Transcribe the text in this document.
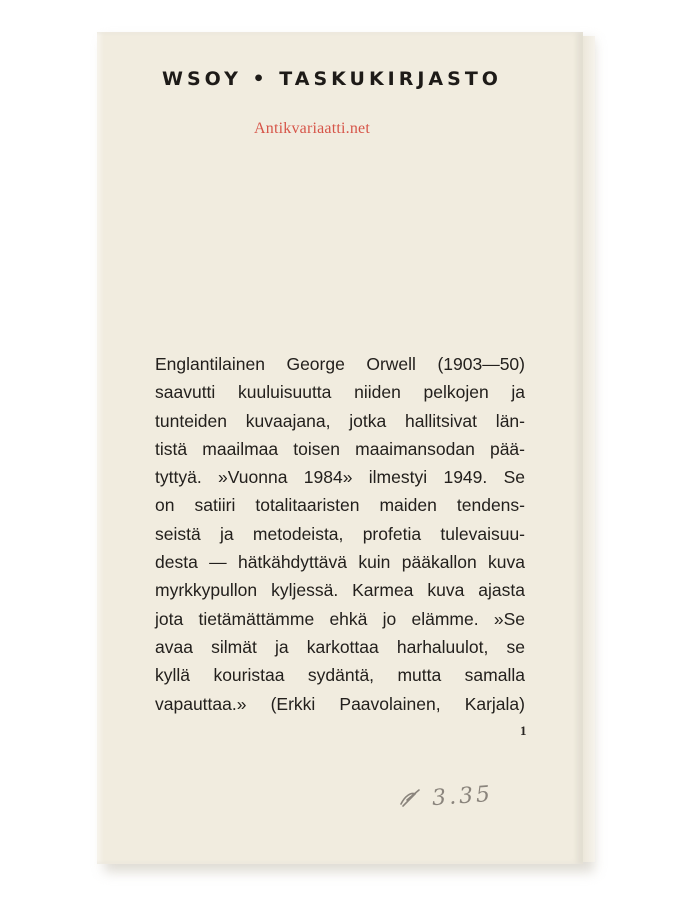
WSOY • TASKUKIRJASTO
Antikvariaatti.net
Englantilainen George Orwell (1903—50)
saavutti kuuluisuutta niiden pelkojen ja
tunteiden kuvaajana, jotka hallitsivat län-
tistä maailmaa toisen maaimansodan pää-
tyttyä. »Vuonna 1984» ilmestyi 1949. Se
on satiiri totalitaaristen maiden tendens-
seistä ja metodeista, profetia tulevaisuu-
desta — hätkähdyttävä kuin pääkallon kuva
myrkkypullon kyljessä. Karmea kuva ajasta
jota tietämättämme ehkä jo elämme. »Se
avaa silmät ja karkottaa harhaluulot, se
kyllä kouristaa sydäntä, mutta samalla
vapauttaa.» (Erkki Paavolainen, Karjala)
1
3.35
